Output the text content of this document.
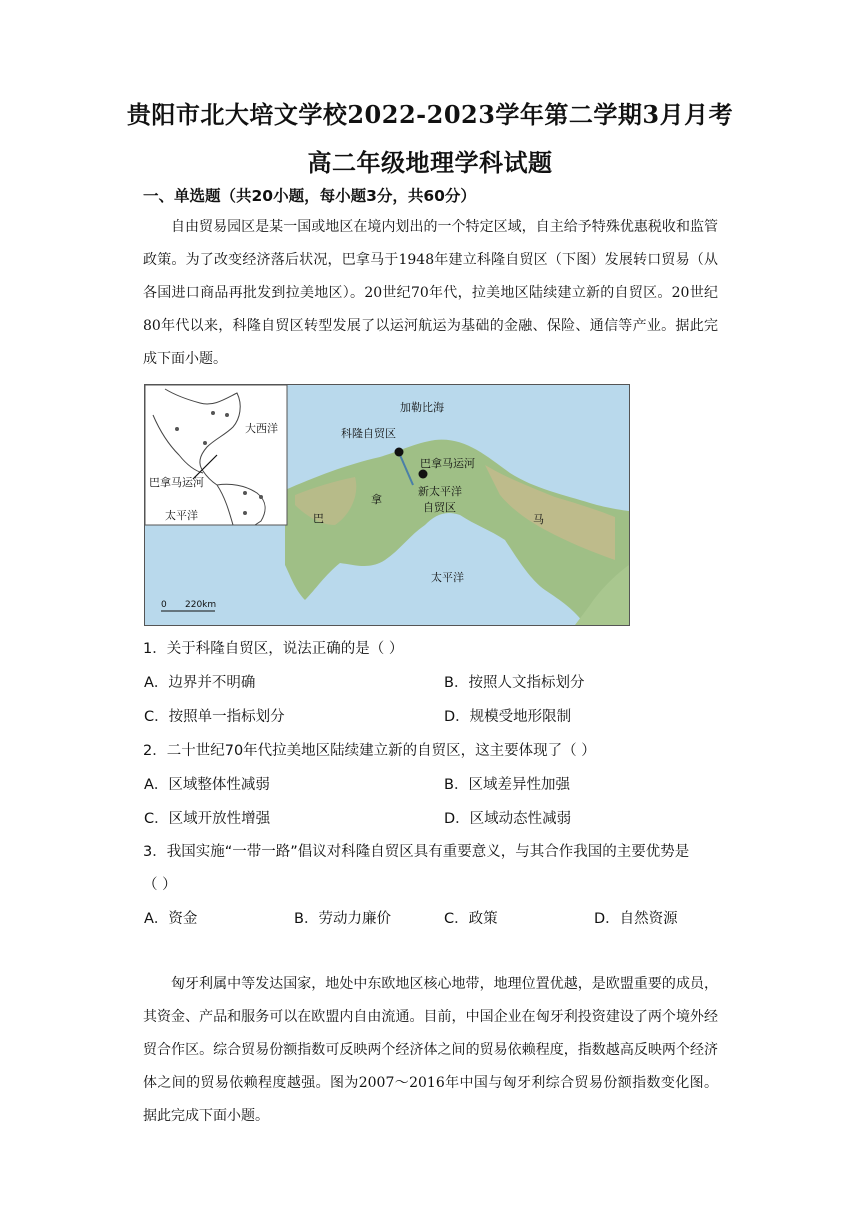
贵阳市北大培文学校2022-2023学年第二学期3月月考
高二年级地理学科试题
一、单选题（共20小题，每小题3分，共60分）
自由贸易园区是某一国或地区在境内划出的一个特定区域，自主给予特殊优惠税收和监管政策。为了改变经济落后状况，巴拿马于1948年建立科隆自贸区（下图）发展转口贸易（从各国进口商品再批发到拉美地区）。20世纪70年代，拉美地区陆续建立新的自贸区。20世纪80年代以来，科隆自贸区转型发展了以运河航运为基础的金融、保险、通信等产业。据此完成下面小题。
加勒比海
科隆自贸区
巴拿马运河
新太平洋
自贸区
巴
拿
马
太平洋
0 220km
大西洋
巴拿马运河
太平洋
1．关于科隆自贸区，说法正确的是（ ）
A．边界并不明确	B．按照人文指标划分
C．按照单一指标划分	D．规模受地形限制
2．二十世纪70年代拉美地区陆续建立新的自贸区，这主要体现了（ ）
A．区域整体性减弱	B．区域差异性加强
C．区域开放性增强	D．区域动态性减弱
3．我国实施“一带一路”倡议对科隆自贸区具有重要意义，与其合作我国的主要优势是
（ ）
A．资金	B．劳动力廉价	C．政策	D．自然资源
匈牙利属中等发达国家，地处中东欧地区核心地带，地理位置优越，是欧盟重要的成员，其资金、产品和服务可以在欧盟内自由流通。目前，中国企业在匈牙利投资建设了两个境外经贸合作区。综合贸易份额指数可反映两个经济体之间的贸易依赖程度，指数越高反映两个经济体之间的贸易依赖程度越强。图为2007～2016年中国与匈牙利综合贸易份额指数变化图。据此完成下面小题。
